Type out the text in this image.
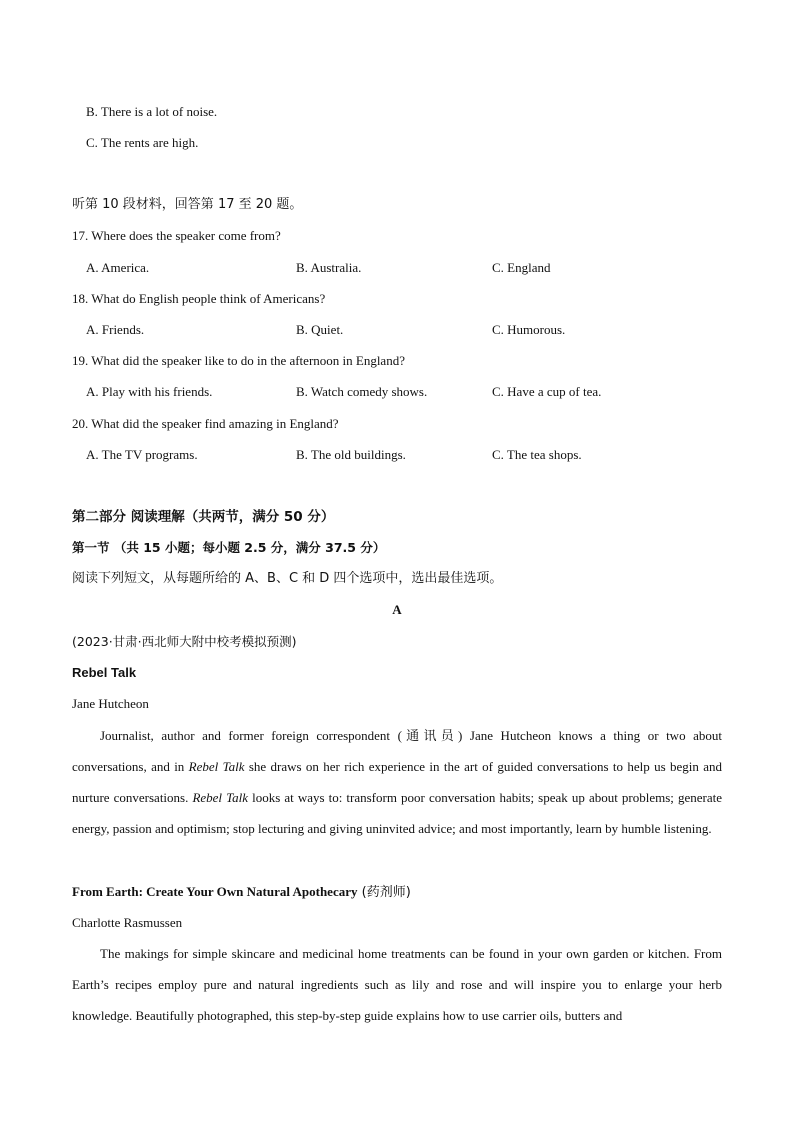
B. There is a lot of noise.
C. The rents are high.
听第 10 段材料，回答第 17 至 20 题。
17. Where does the speaker come from?
A. America.	B. Australia.	C. England
18. What do English people think of Americans?
A. Friends.	B. Quiet.	C. Humorous.
19. What did the speaker like to do in the afternoon in England?
A. Play with his friends.	B. Watch comedy shows.	C. Have a cup of tea.
20. What did the speaker find amazing in England?
A. The TV programs.	B. The old buildings.	C. The tea shops.
第二部分 阅读理解（共两节，满分 50 分）
第一节 （共 15 小题；每小题 2.5 分，满分 37.5 分）
阅读下列短文，从每题所给的 A、B、C 和 D 四个选项中，选出最佳选项。
A
(2023·甘肃·西北师大附中校考模拟预测)
Rebel Talk
Jane Hutcheon
Journalist, author and former foreign correspondent (通讯员) Jane Hutcheon knows a thing or two about conversations, and in Rebel Talk she draws on her rich experience in the art of guided conversations to help us begin and nurture conversations. Rebel Talk looks at ways to: transform poor conversation habits; speak up about problems; generate energy, passion and optimism; stop lecturing and giving uninvited advice; and most importantly, learn by humble listening.
From Earth: Create Your Own Natural Apothecary (药剂师)
Charlotte Rasmussen
The makings for simple skincare and medicinal home treatments can be found in your own garden or kitchen. From Earth’s recipes employ pure and natural ingredients such as lily and rose and will inspire you to enlarge your herb knowledge. Beautifully photographed, this step-by-step guide explains how to use carrier oils, butters and
